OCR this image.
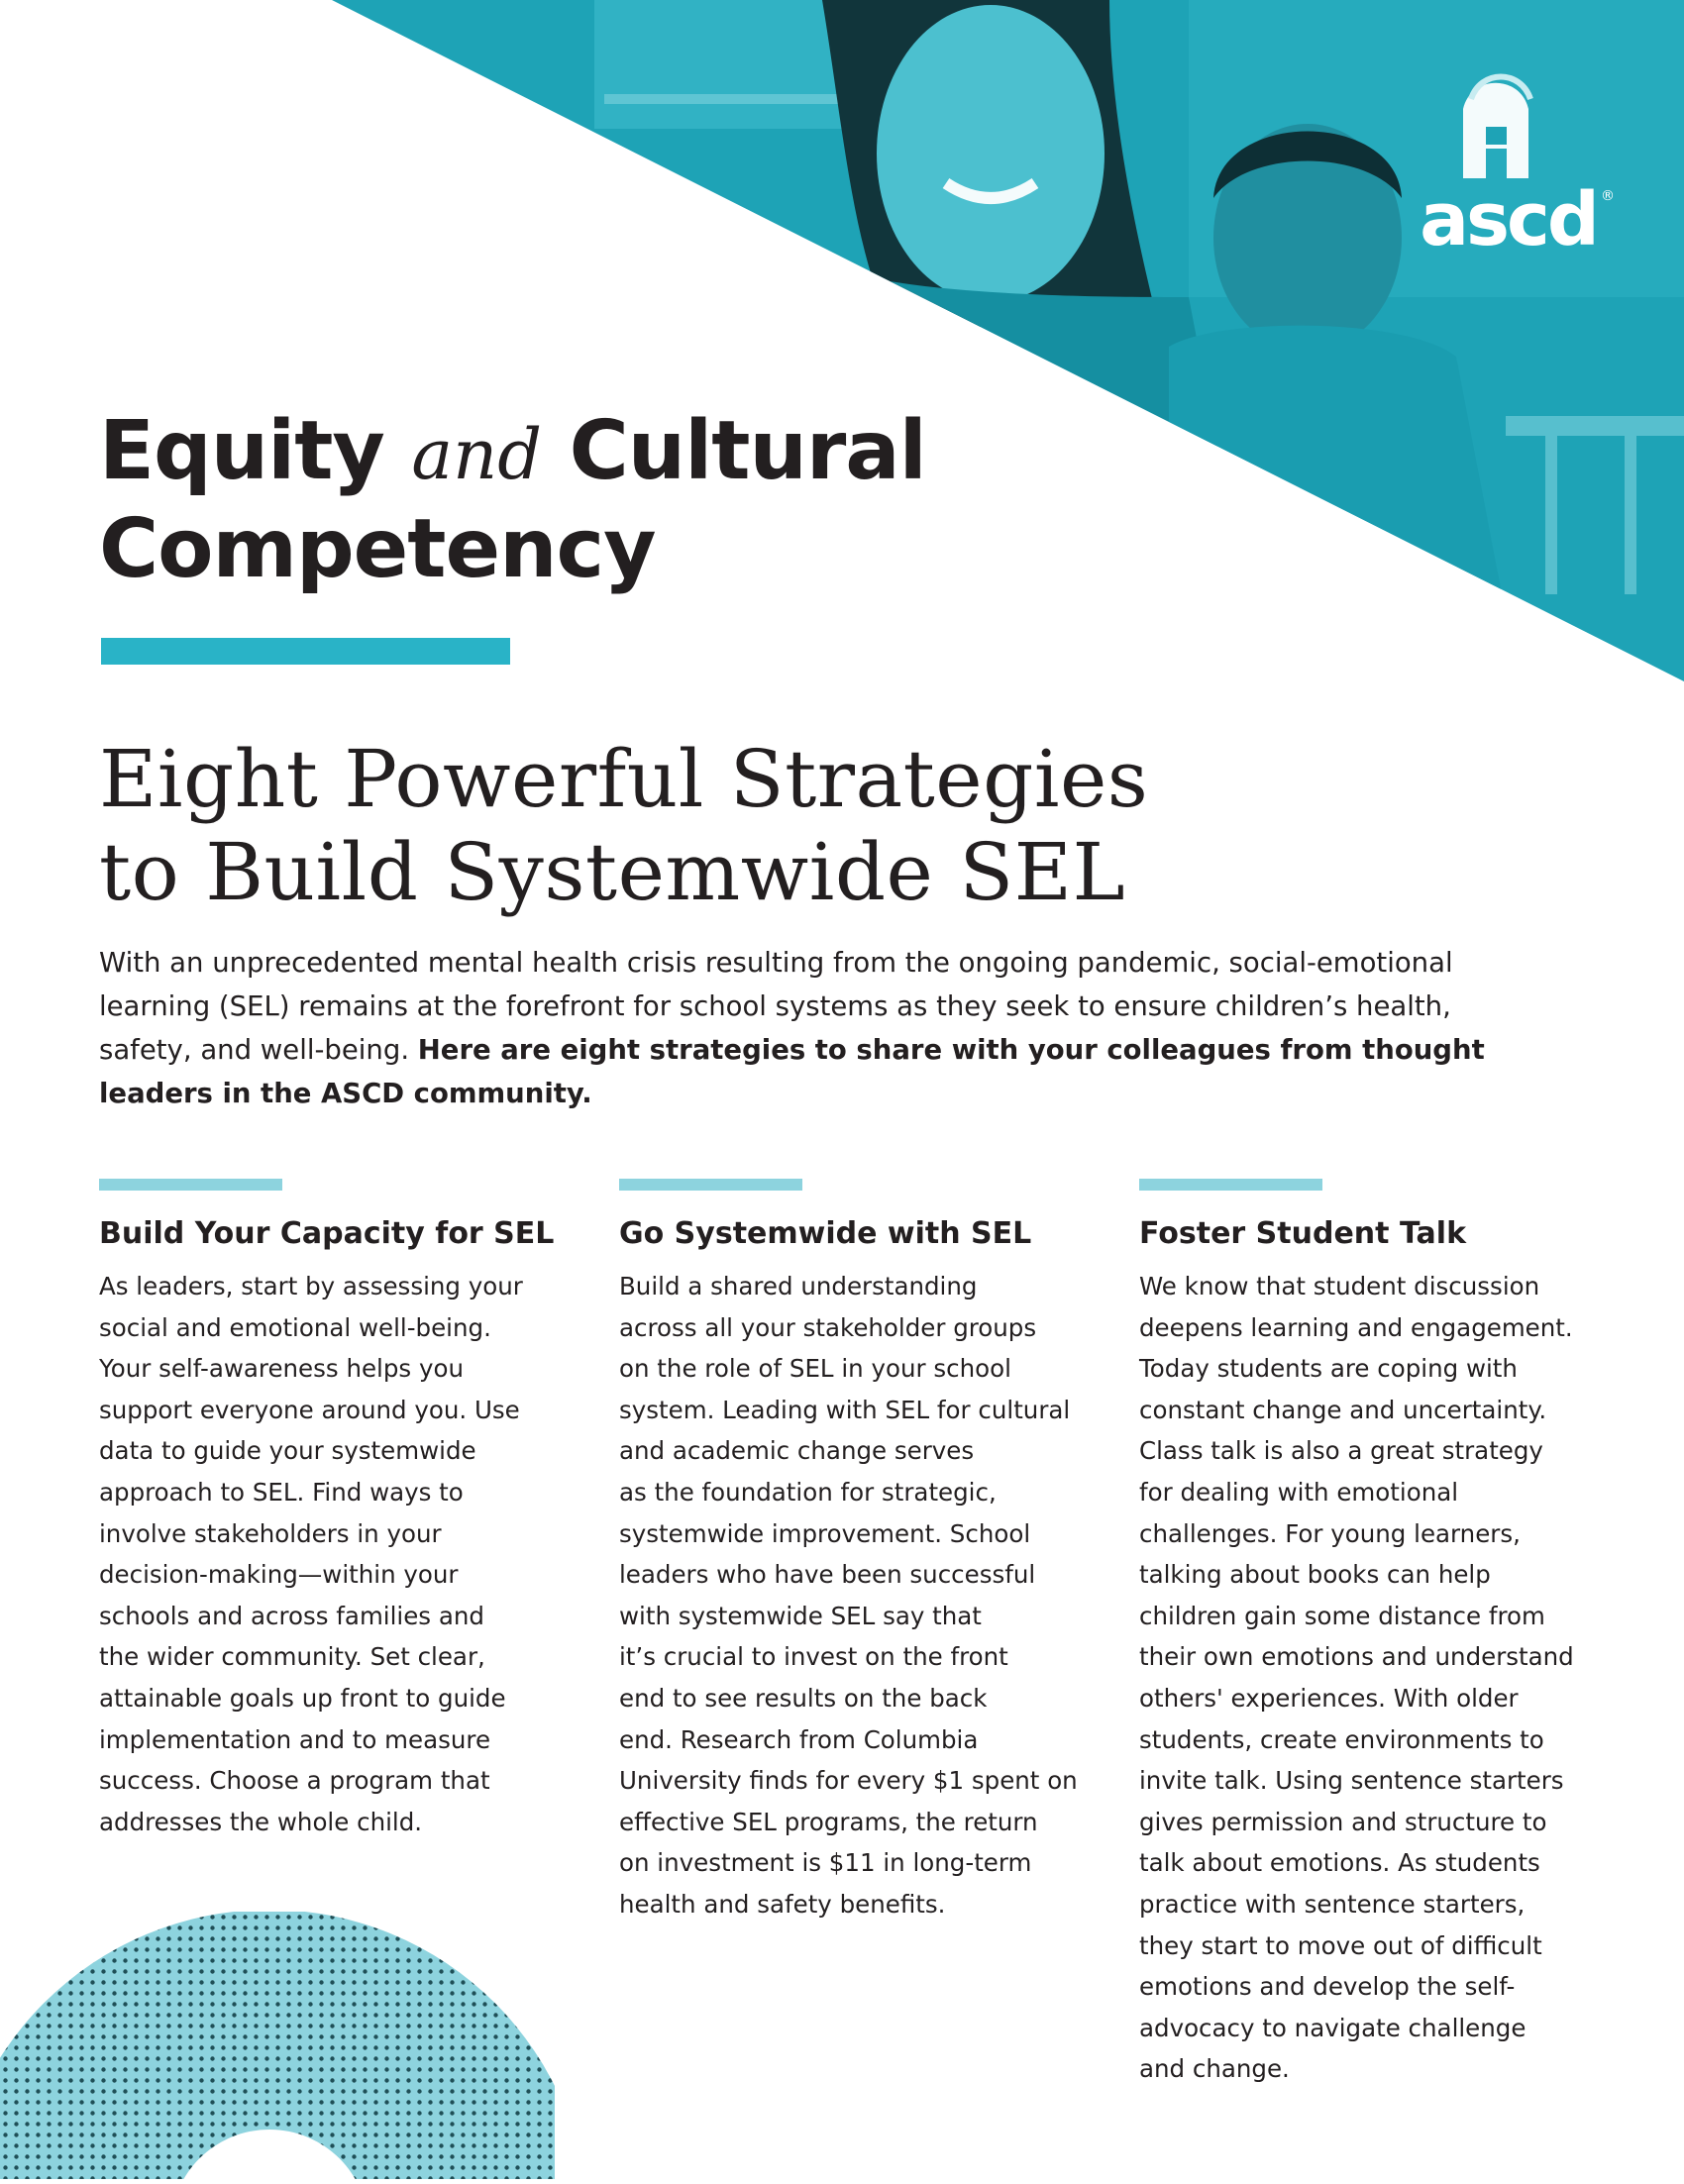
ascd ®
Equity and Cultural
Competency
Eight Powerful Strategies
to Build Systemwide SEL
With an unprecedented mental health crisis resulting from the ongoing pandemic, social-emotional learning (SEL) remains at the forefront for school systems as they seek to ensure children’s health, safety, and well-being. Here are eight strategies to share with your colleagues from thought leaders in the ASCD community.
Build Your Capacity for SEL
As leaders, start by assessing your
social and emotional well-being.
Your self-awareness helps you
support everyone around you. Use
data to guide your systemwide
approach to SEL. Find ways to
involve stakeholders in your
decision-making—within your
schools and across families and
the wider community. Set clear,
attainable goals up front to guide
implementation and to measure
success. Choose a program that
addresses the whole child.
Go Systemwide with SEL
Build a shared understanding
across all your stakeholder groups
on the role of SEL in your school
system. Leading with SEL for cultural
and academic change serves
as the foundation for strategic,
systemwide improvement. School
leaders who have been successful
with systemwide SEL say that
it’s crucial to invest on the front
end to see results on the back
end. Research from Columbia
University finds for every $1 spent on
effective SEL programs, the return
on investment is $11 in long-term
health and safety benefits.
Foster Student Talk
We know that student discussion
deepens learning and engagement.
Today students are coping with
constant change and uncertainty.
Class talk is also a great strategy
for dealing with emotional
challenges. For young learners,
talking about books can help
children gain some distance from
their own emotions and understand
others' experiences. With older
students, create environments to
invite talk. Using sentence starters
gives permission and structure to
talk about emotions. As students
practice with sentence starters,
they start to move out of difficult
emotions and develop the self-
advocacy to navigate challenge
and change.
